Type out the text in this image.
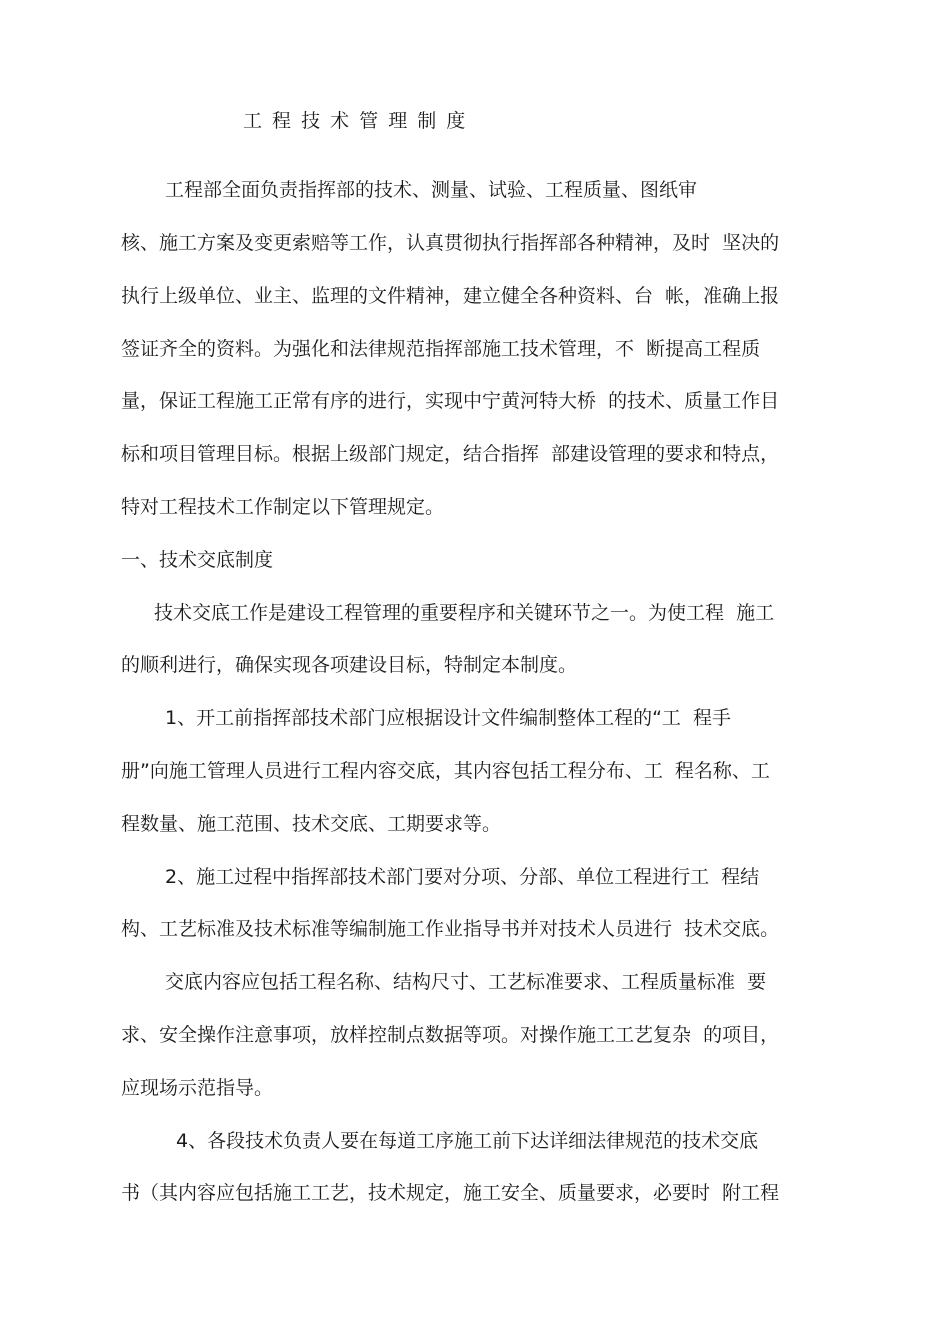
工 程 技 术 管 理 制 度

工程部全面负责指挥部的技术、测量、试验、工程质量、图纸审

核、施工方案及变更索赔等工作，认真贯彻执行指挥部各种精神，及时  坚决的

执行上级单位、业主、监理的文件精神，建立健全各种资料、台  帐，准确上报

签证齐全的资料。为强化和法律规范指挥部施工技术管理，不  断提高工程质

量，保证工程施工正常有序的进行，实现中宁黄河特大桥  的技术、质量工作目

标和项目管理目标。根据上级部门规定，结合指挥  部建设管理的要求和特点，

特对工程技术工作制定以下管理规定。

一、技术交底制度

技术交底工作是建设工程管理的重要程序和关键环节之一。为使工程  施工

的顺利进行，确保实现各项建设目标，特制定本制度。

1、开工前指挥部技术部门应根据设计文件编制整体工程的“工  程手

册”向施工管理人员进行工程内容交底，其内容包括工程分布、工  程名称、工

程数量、施工范围、技术交底、工期要求等。

2、施工过程中指挥部技术部门要对分项、分部、单位工程进行工  程结

构、工艺标准及技术标准等编制施工作业指导书并对技术人员进行  技术交底。

交底内容应包括工程名称、结构尺寸、工艺标准要求、工程质量标准  要

求、安全操作注意事项，放样控制点数据等项。对操作施工工艺复杂  的项目，

应现场示范指导。

4、各段技术负责人要在每道工序施工前下达详细法律规范的技术交底

书（其内容应包括施工工艺，技术规定，施工安全、质量要求，必要时  附工程
